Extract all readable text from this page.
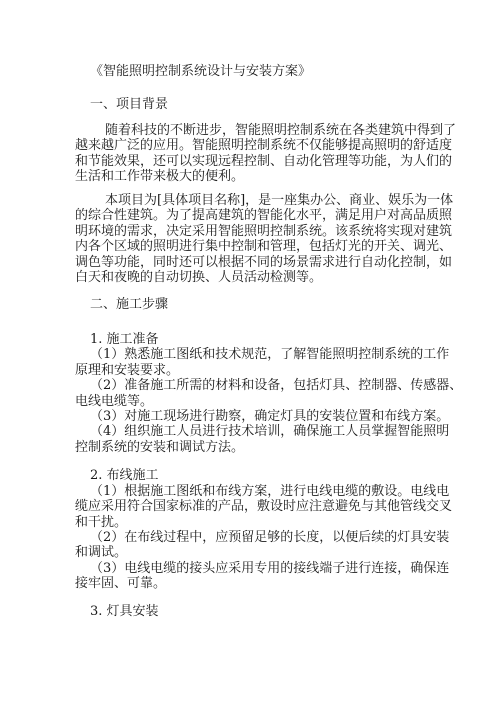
《智能照明控制系统设计与安装方案》
一、项目背景
随着科技的不断进步，智能照明控制系统在各类建筑中得到了
越来越广泛的应用。智能照明控制系统不仅能够提高照明的舒适度
和节能效果，还可以实现远程控制、自动化管理等功能，为人们的
生活和工作带来极大的便利。
本项目为[具体项目名称]，是一座集办公、商业、娱乐为一体
的综合性建筑。为了提高建筑的智能化水平，满足用户对高品质照
明环境的需求，决定采用智能照明控制系统。该系统将实现对建筑
内各个区域的照明进行集中控制和管理，包括灯光的开关、调光、
调色等功能，同时还可以根据不同的场景需求进行自动化控制，如
白天和夜晚的自动切换、人员活动检测等。
二、施工步骤
1. 施工准备
（1）熟悉施工图纸和技术规范，了解智能照明控制系统的工作
原理和安装要求。
（2）准备施工所需的材料和设备，包括灯具、控制器、传感器、
电线电缆等。
（3）对施工现场进行勘察，确定灯具的安装位置和布线方案。
（4）组织施工人员进行技术培训，确保施工人员掌握智能照明
控制系统的安装和调试方法。
2. 布线施工
（1）根据施工图纸和布线方案，进行电线电缆的敷设。电线电
缆应采用符合国家标准的产品，敷设时应注意避免与其他管线交叉
和干扰。
（2）在布线过程中，应预留足够的长度，以便后续的灯具安装
和调试。
（3）电线电缆的接头应采用专用的接线端子进行连接，确保连
接牢固、可靠。
3. 灯具安装
